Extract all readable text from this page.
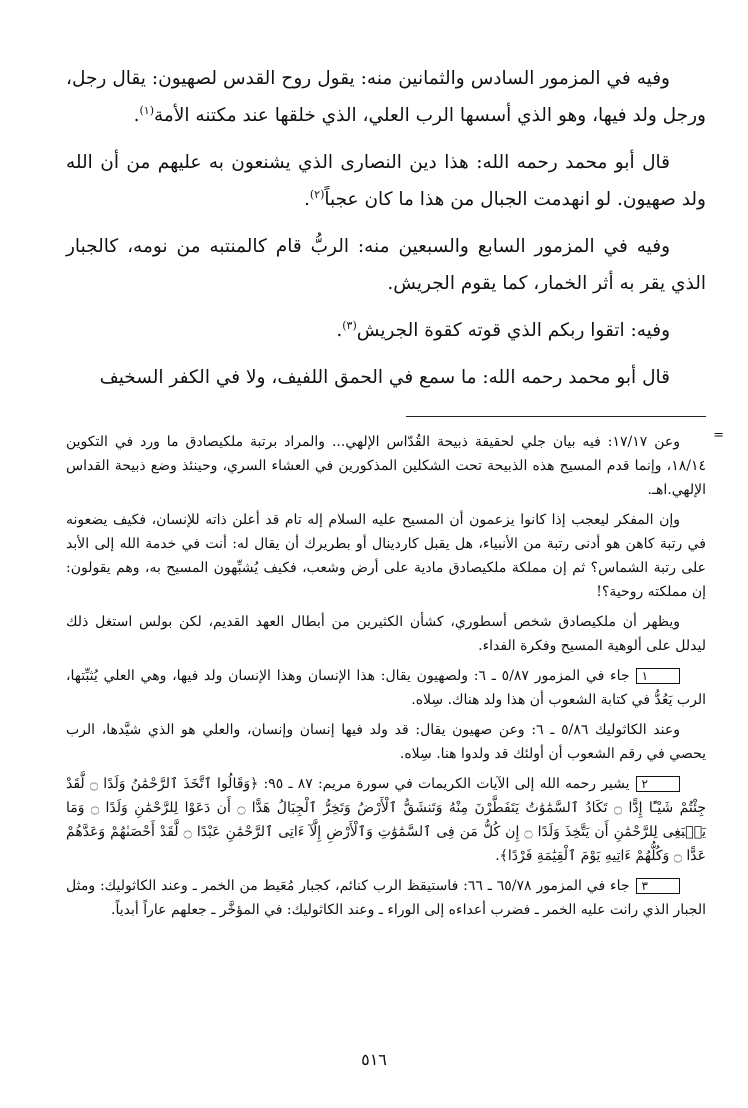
وفيه في المزمور السادس والثمانين منه: يقول روح القدس لصهيون: يقال رجل، ورجل ولد فيها، وهو الذي أسسها الرب العلي، الذي خلقها عند مكتنه الأمة$^{(١)}$.

قال أبو محمد رحمه الله: هذا دين النصارى الذي يشنعون به عليهم من أن الله ولد صهيون. لو انهدمت الجبال من هذا ما كان عجباً$^{(٢)}$.

وفيه في المزمور السابع والسبعين منه: الربُّ قام كالمنتبه من نومه، كالجبار الذي يقر به أثر الخمار، كما يقوم الجريش.

وفيه: اتقوا ربكم الذي قوته كقوة الجريش$^{(٣)}$.

قال أبو محمد رحمه الله: ما سمع في الحمق اللفيف، ولا في الكفر السخيف

=

وعن ١٧/١٧: فيه بيان جلي لحقيقة ذبيحة القُدّاس الإلهي... والمراد برتبة ملكيصادق ما ورد في التكوين ١٨/١٤، وإنما قدم المسيح هذه الذبيحة تحت الشكلين المذكورين في العشاء السري، وحينئذ وضع ذبيحة القداس الإلهي.اهـ.

وإن المفكر ليعجب إذا كانوا يزعمون أن المسيح عليه السلام إله تام قد أعلن ذاته للإنسان، فكيف يضعونه في رتبة كاهن هو أدنى رتبة من الأنبياء، هل يقبل كاردينال أو بطريرك أن يقال له: أنت في خدمة الله إلى الأبد على رتبة الشماس؟ ثم إن مملكة ملكيصادق مادية على أرض وشعب، فكيف يُشبِّهون المسيح به، وهم يقولون: إن مملكته روحية؟!

ويظهر أن ملكيصادق شخص أسطوري، كشأن الكثيرين من أبطال العهد القديم، لكن بولس استغل ذلك ليدلل على ألوهية المسيح وفكرة الفداء.

١جاء في المزمور ٥/٨٧ ـ ٦: ولصهيون يقال: هذا الإنسان وهذا الإنسان ولد فيها، وهي العلي يُثبِّتها، الرب يَعُدُّ في كتابة الشعوب أن هذا ولد هناك. سِلاه.

وعند الكاثوليك ٥/٨٦ ـ ٦: وعن صهيون يقال: قد ولد فيها إنسان وإنسان، والعلي هو الذي شيَّدها، الرب يحصي في رقم الشعوب أن أولئك قد ولدوا هنا. سِلاه.

٢يشير رحمه الله إلى الآيات الكريمات في سورة مريم: ٨٧ ـ ٩٥: ﴿وَقَالُوا ٱتَّخَذَ ٱلرَّحْمَٰنُ وَلَدًا ۝ لَّقَدْ جِئْتُمْ شَيْـًٔا إِدًّا ۝ تَكَادُ ٱلسَّمَٰوَٰتُ يَتَفَطَّرْنَ مِنْهُ وَتَنشَقُّ ٱلْأَرْضُ وَتَخِرُّ ٱلْجِبَالُ هَدًّا ۝ أَن دَعَوْا لِلرَّحْمَٰنِ وَلَدًا ۝ وَمَا يَنۢبَغِى لِلرَّحْمَٰنِ أَن يَتَّخِذَ وَلَدًا ۝ إِن كُلُّ مَن فِى ٱلسَّمَٰوَٰتِ وَٱلْأَرْضِ إِلَّآ ءَاتِى ٱلرَّحْمَٰنِ عَبْدًا ۝ لَّقَدْ أَحْصَىٰهُمْ وَعَدَّهُمْ عَدًّا ۝ وَكُلُّهُمْ ءَاتِيهِ يَوْمَ ٱلْقِيَٰمَةِ فَرْدًا﴾.

٣جاء في المزمور ٦٥/٧٨ ـ ٦٦: فاستيقظ الرب كنائم، كجبار مُعَيط من الخمر ـ وعند الكاثوليك: ومثل الجبار الذي رانت عليه الخمر ـ فضرب أعداءه إلى الوراء ـ وعند الكاثوليك: في المؤخَّر ـ جعلهم عاراً أبدياً.

٥١٦
